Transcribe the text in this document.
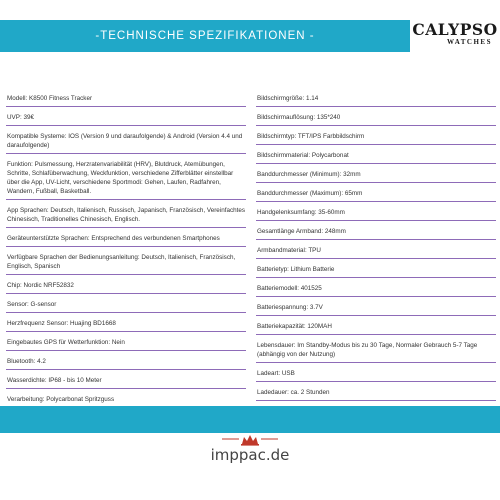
-TECHNISCHE SPEZIFIKATIONEN -	CALYPSO
WATCHES
Modell: K8500 Fitness Tracker
UVP: 39€
Kompatible Systeme: IOS (Version 9 und daraufolgende) & Android (Version 4.4 und daraufolgende)
Funktion: Pulsmessung, Herzratenvariabilität (HRV), Blutdruck, Atemübungen, Schritte, Schlafüberwachung, Weckfunktion, verschiedene Zifferblätter einstellbar über die App, UV-Licht, verschiedene Sportmodi: Gehen, Laufen, Radfahren, Wandern, Fußball, Basketball.
App Sprachen: Deutsch, Italienisch, Russisch, Japanisch, Französisch, Vereinfachtes Chinesisch, Traditionelles Chinesisch, Englisch.
Geräteunterstützte Sprachen: Entsprechend des verbundenen Smartphones
Verfügbare Sprachen der Bedienungsanleitung: Deutsch, Italienisch, Französisch, Englisch, Spanisch
Chip: Nordic NRF52832
Sensor: G-sensor
Herzfrequenz Sensor: Huajing BD1668
Eingebautes GPS für Wetterfunktion: Nein
Bluetooth: 4.2
Wasserdichte: IP68 - bis 10 Meter
Verarbeitung: Polycarbonat Spritzguss
Bildschirmgröße: 1.14
Bildschirmauflösung: 135*240
Bildschirmtyp: TFT/IPS Farbbildschirm
Bildschirmmaterial: Polycarbonat
Banddurchmesser (Minimum): 32mm
Banddurchmesser (Maximum): 65mm
Handgelenksumfang: 35-60mm
Gesamtlänge Armband: 248mm
Armbandmaterial: TPU
Batterietyp: Lithium Batterie
Batteriemodell: 401525
Batteriespannung: 3.7V
Batteriekapazität: 120MAH
Lebensdauer: Im Standby-Modus bis zu 30 Tage, Normaler Gebrauch 5-7 Tage (abhängig von der Nutzung)
Ladeart: USB
Ladedauer: ca. 2 Stunden
imppac.de
